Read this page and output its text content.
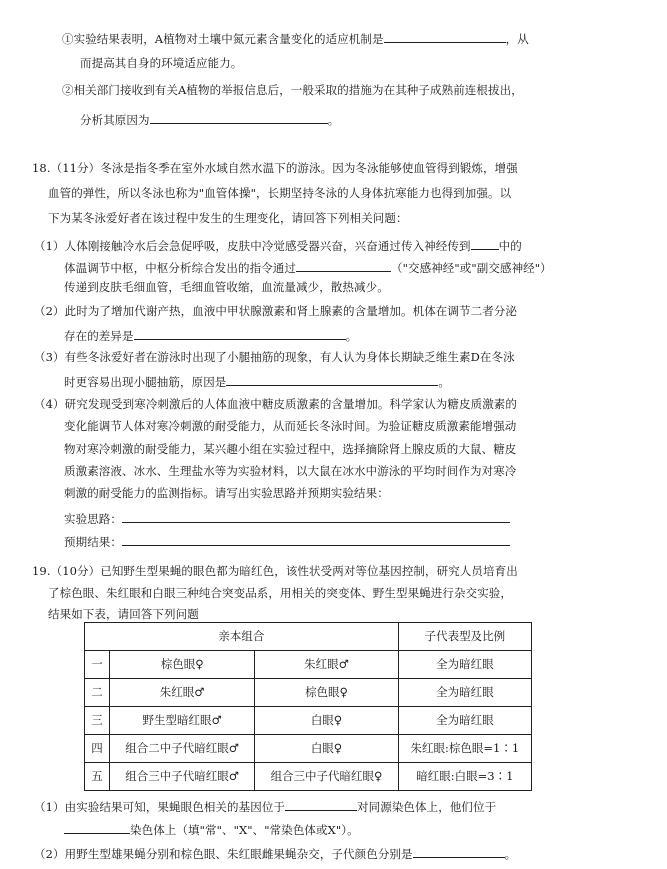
①实验结果表明，A植物对土壤中氮元素含量变化的适应机制是	，从
而提高其自身的环境适应能力。
②相关部门接收到有关A植物的举报信息后，一般采取的措施为在其种子成熟前连根拔出，
分析其原因为	。
18.（11分）冬泳是指冬季在室外水域自然水温下的游泳。因为冬泳能够使血管得到锻炼，增强
血管的弹性，所以冬泳也称为"血管体操"，长期坚持冬泳的人身体抗寒能力也得到加强。以
下为某冬泳爱好者在该过程中发生的生理变化，请回答下列相关问题：
（1）人体刚接触冷水后会急促呼吸，皮肤中冷觉感受器兴奋，兴奋通过传入神经传到 中的
体温调节中枢，中枢分析综合发出的指令通过	（"交感神经"或"副交感神经"）
传递到皮肤毛细血管，毛细血管收缩，血流量减少，散热减少。
（2）此时为了增加代谢产热，血液中甲状腺激素和肾上腺素的含量增加。机体在调节二者分泌
存在的差异是	。
（3）有些冬泳爱好者在游泳时出现了小腿抽筋的现象，有人认为身体长期缺乏维生素D在冬泳
时更容易出现小腿抽筋，原因是	。
（4）研究发现受到寒冷刺激后的人体血液中糖皮质激素的含量增加。科学家认为糖皮质激素的
变化能调节人体对寒冷刺激的耐受能力，从而延长冬泳时间。为验证糖皮质激素能增强动
物对寒冷刺激的耐受能力，某兴趣小组在实验过程中，选择摘除肾上腺皮质的大鼠、糖皮
质激素溶液、冰水、生理盐水等为实验材料，以大鼠在冰水中游泳的平均时间作为对寒冷
刺激的耐受能力的监测指标。请写出实验思路并预期实验结果：
实验思路：
预期结果：
19.（10分）已知野生型果蝇的眼色都为暗红色，该性状受两对等位基因控制，研究人员培育出
了棕色眼、朱红眼和白眼三种纯合突变品系，用相关的突变体、野生型果蝇进行杂交实验，
结果如下表，请回答下列问题
亲本组合			子代表型及比例
一	棕色眼♀	朱红眼♂	全为暗红眼
二	朱红眼♂	棕色眼♀	全为暗红眼
三	野生型暗红眼♂	白眼♀	全为暗红眼
四	组合二中子代暗红眼♂	白眼♀	朱红眼:棕色眼=1∶1
五	组合三中子代暗红眼♂	组合三中子代暗红眼♀	暗红眼:白眼=3∶1
（1）由实验结果可知，果蝇眼色相关的基因位于	对同源染色体上，他们位于
染色体上（填"常"、"X"、"常染色体或X"）。
（2）用野生型雄果蝇分别和棕色眼、朱红眼雌果蝇杂交，子代颜色分别是	。
